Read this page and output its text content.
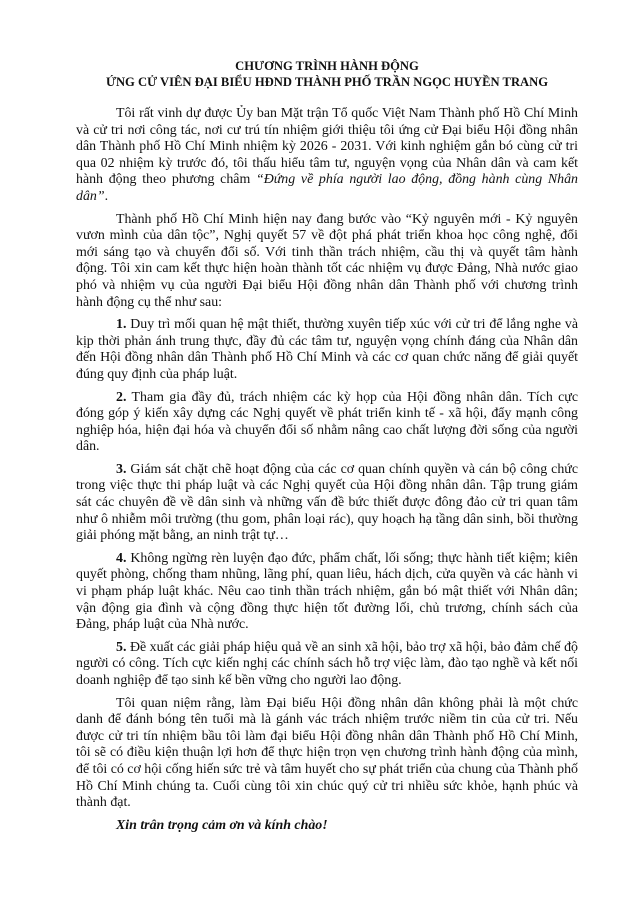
CHƯƠNG TRÌNH HÀNH ĐỘNG
ỨNG CỬ VIÊN ĐẠI BIỂU HĐND THÀNH PHỐ TRẦN NGỌC HUYỀN TRANG

Tôi rất vinh dự được Ủy ban Mặt trận Tổ quốc Việt Nam Thành phố Hồ Chí Minh và cử tri nơi công tác, nơi cư trú tín nhiệm giới thiệu tôi ứng cử Đại biểu Hội đồng nhân dân Thành phố Hồ Chí Minh nhiệm kỳ 2026 - 2031. Với kinh nghiệm gắn bó cùng cử tri qua 02 nhiệm kỳ trước đó, tôi thấu hiểu tâm tư, nguyện vọng của Nhân dân và cam kết hành động theo phương châm “Đứng về phía người lao động, đồng hành cùng Nhân dân”.

Thành phố Hồ Chí Minh hiện nay đang bước vào “Kỷ nguyên mới - Kỷ nguyên vươn mình của dân tộc”, Nghị quyết 57 về đột phá phát triển khoa học công nghệ, đổi mới sáng tạo và chuyển đổi số. Với tinh thần trách nhiệm, cầu thị và quyết tâm hành động. Tôi xin cam kết thực hiện hoàn thành tốt các nhiệm vụ được Đảng, Nhà nước giao phó và nhiệm vụ của người Đại biểu Hội đồng nhân dân Thành phố với chương trình hành động cụ thể như sau:

1. Duy trì mối quan hệ mật thiết, thường xuyên tiếp xúc với cử tri để lắng nghe và kịp thời phản ánh trung thực, đầy đủ các tâm tư, nguyện vọng chính đáng của Nhân dân đến Hội đồng nhân dân Thành phố Hồ Chí Minh và các cơ quan chức năng để giải quyết đúng quy định của pháp luật.

2. Tham gia đầy đủ, trách nhiệm các kỳ họp của Hội đồng nhân dân. Tích cực đóng góp ý kiến xây dựng các Nghị quyết về phát triển kinh tế - xã hội, đẩy mạnh công nghiệp hóa, hiện đại hóa và chuyển đổi số nhằm nâng cao chất lượng đời sống của người dân.

3. Giám sát chặt chẽ hoạt động của các cơ quan chính quyền và cán bộ công chức trong việc thực thi pháp luật và các Nghị quyết của Hội đồng nhân dân. Tập trung giám sát các chuyên đề về dân sinh và những vấn đề bức thiết được đông đảo cử tri quan tâm như ô nhiễm môi trường (thu gom, phân loại rác), quy hoạch hạ tầng dân sinh, bồi thường giải phóng mặt bằng, an ninh trật tự…

4. Không ngừng rèn luyện đạo đức, phẩm chất, lối sống; thực hành tiết kiệm; kiên quyết phòng, chống tham nhũng, lãng phí, quan liêu, hách dịch, cửa quyền và các hành vi vi phạm pháp luật khác. Nêu cao tinh thần trách nhiệm, gắn bó mật thiết với Nhân dân; vận động gia đình và cộng đồng thực hiện tốt đường lối, chủ trương, chính sách của Đảng, pháp luật của Nhà nước.

5. Đề xuất các giải pháp hiệu quả về an sinh xã hội, bảo trợ xã hội, bảo đảm chế độ người có công. Tích cực kiến nghị các chính sách hỗ trợ việc làm, đào tạo nghề và kết nối doanh nghiệp để tạo sinh kế bền vững cho người lao động.

Tôi quan niệm rằng, làm Đại biểu Hội đồng nhân dân không phải là một chức danh để đánh bóng tên tuổi mà là gánh vác trách nhiệm trước niềm tin của cử tri. Nếu được cử tri tín nhiệm bầu tôi làm đại biểu Hội đồng nhân dân Thành phố Hồ Chí Minh, tôi sẽ có điều kiện thuận lợi hơn để thực hiện trọn vẹn chương trình hành động của mình, để tôi có cơ hội cống hiến sức trẻ và tâm huyết cho sự phát triển của chung của Thành phố Hồ Chí Minh chúng ta. Cuối cùng tôi xin chúc quý cử tri nhiều sức khỏe, hạnh phúc và thành đạt.

Xin trân trọng cảm ơn và kính chào!
